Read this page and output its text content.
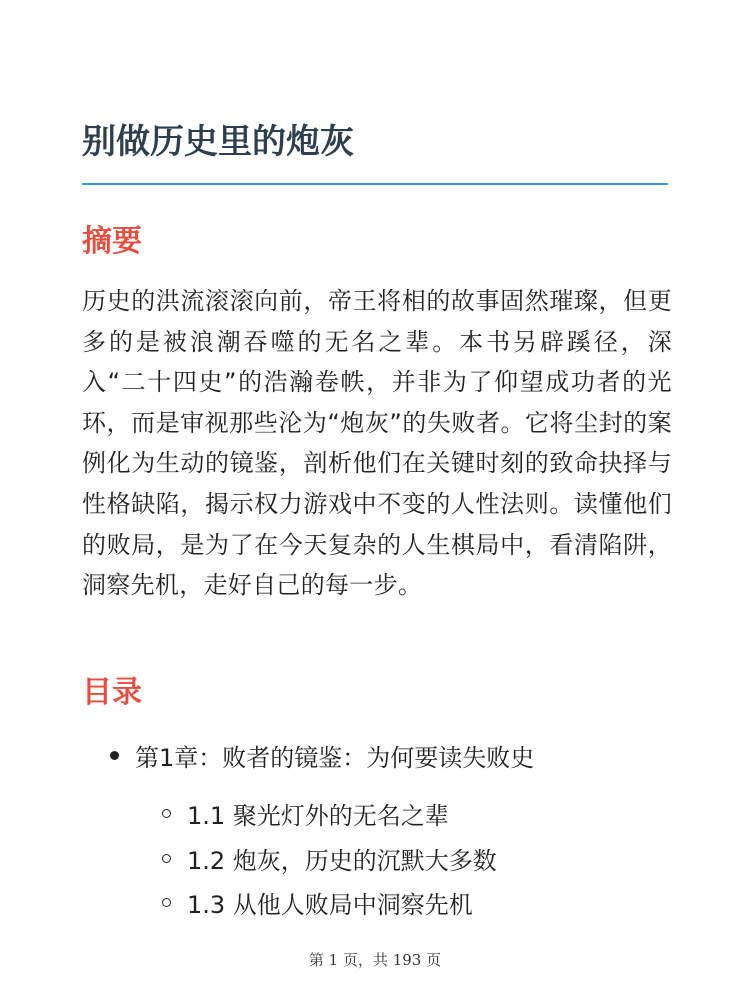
别做历史里的炮灰
摘要

历史的洪流滚滚向前，帝王将相的故事固然璀璨，但更多的是被浪潮吞噬的无名之辈。本书另辟蹊径，深入“二十四史”的浩瀚卷帙，并非为了仰望成功者的光环，而是审视那些沦为“炮灰”的失败者。它将尘封的案例化为生动的镜鉴，剖析他们在关键时刻的致命抉择与性格缺陷，揭示权力游戏中不变的人性法则。读懂他们的败局，是为了在今天复杂的人生棋局中，看清陷阱，洞察先机，走好自己的每一步。

目录
第1章：败者的镜鉴：为何要读失败史
1.1 聚光灯外的无名之辈
1.2 炮灰，历史的沉默大多数
1.3 从他人败局中洞察先机
第 1 页，共 193 页
